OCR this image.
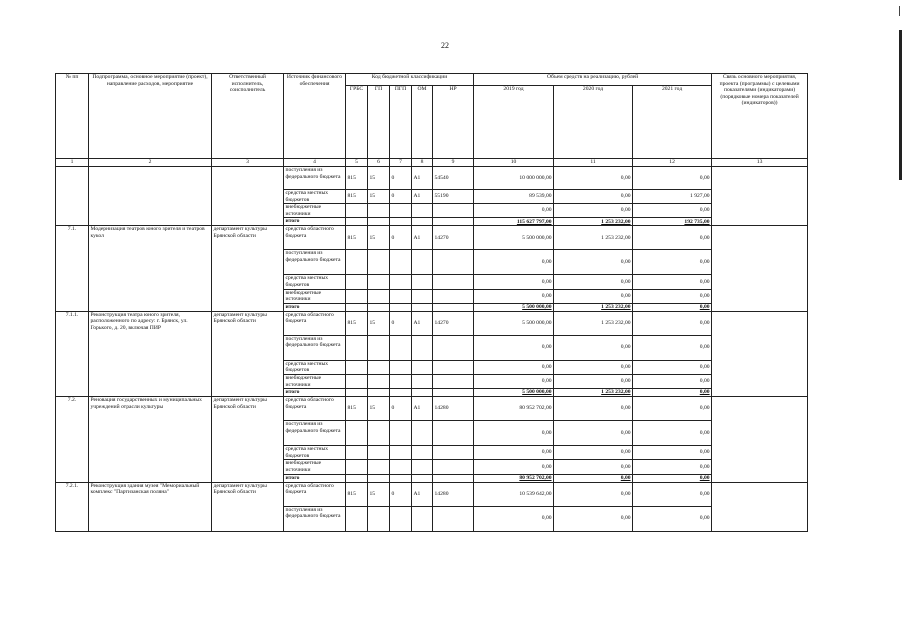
22
№ пп	Подпрограмма, основное мероприятие (проект), направление расходов, мероприятие	Ответственный исполнитель, соисполнитель	Источник финансового обеспечения	Код бюджетной классификации					Объем средств на реализацию, рублей			Связь основного мероприятия, проекта (программы) с целевыми показателями (индикаторами) (порядковые номера показателей (индикаторов))
				ГРБС	ГП	ПГП	ОМ	НР	2019 год	2020 год	2021 год	
1	2	3	4	5	6	7	8	9	10	11	12	13
			поступления из федерального бюджета	815	15	0	А1	54540	10 000 000,00	0,00	0,00	
			средства местных бюджетов	815	15	0	А1	55190	89 539,00	0,00	1 927,00	
			внебюджетные источники						0,00	0,00	0,00	
			итого						115 627 797,00	1 253 232,00	192 735,00	
7.1.	Модернизация театров юного зрителя и театров кукол	департамент культуры Брянской области	средства областного бюджета	815	15	0	А1	14270	5 500 000,00	1 253 232,00	0,00	
			поступления из федерального бюджета						0,00	0,00	0,00	
			средства местных бюджетов						0,00	0,00	0,00	
			внебюджетные источники						0,00	0,00	0,00	
			итого						5 500 000,00	1 253 232,00	0,00	
7.1.1.	Реконструкция театра юного зрителя, расположенного по адресу: г. Брянск, ул. Горького, д. 20, включая ПИР	департамент культуры Брянской области	средства областного бюджета	815	15	0	А1	14270	5 500 000,00	1 253 232,00	0,00	
			поступления из федерального бюджета						0,00	0,00	0,00	
			средства местных бюджетов						0,00	0,00	0,00	
			внебюджетные источники						0,00	0,00	0,00	
			итого						5 500 000,00	1 253 232,00	0,00	
7.2.	Реновация государственных и муниципальных учреждений отрасли культуры	департамент культуры Брянской области	средства областного бюджета	815	15	0	А1	14280	80 952 702,00	0,00	0,00	
			поступления из федерального бюджета						0,00	0,00	0,00	
			средства местных бюджетов						0,00	0,00	0,00	
			внебюджетные источники						0,00	0,00	0,00	
			итого						80 952 702,00	0,00	0,00	
7.2.1.	Реконструкция здания музея "Мемориальный комплекс "Партизанская поляна"	департамент культуры Брянской области	средства областного бюджета	815	15	0	А1	14280	10 539 642,00	0,00	0,00	
			поступления из федерального бюджета						0,00	0,00	0,00	
